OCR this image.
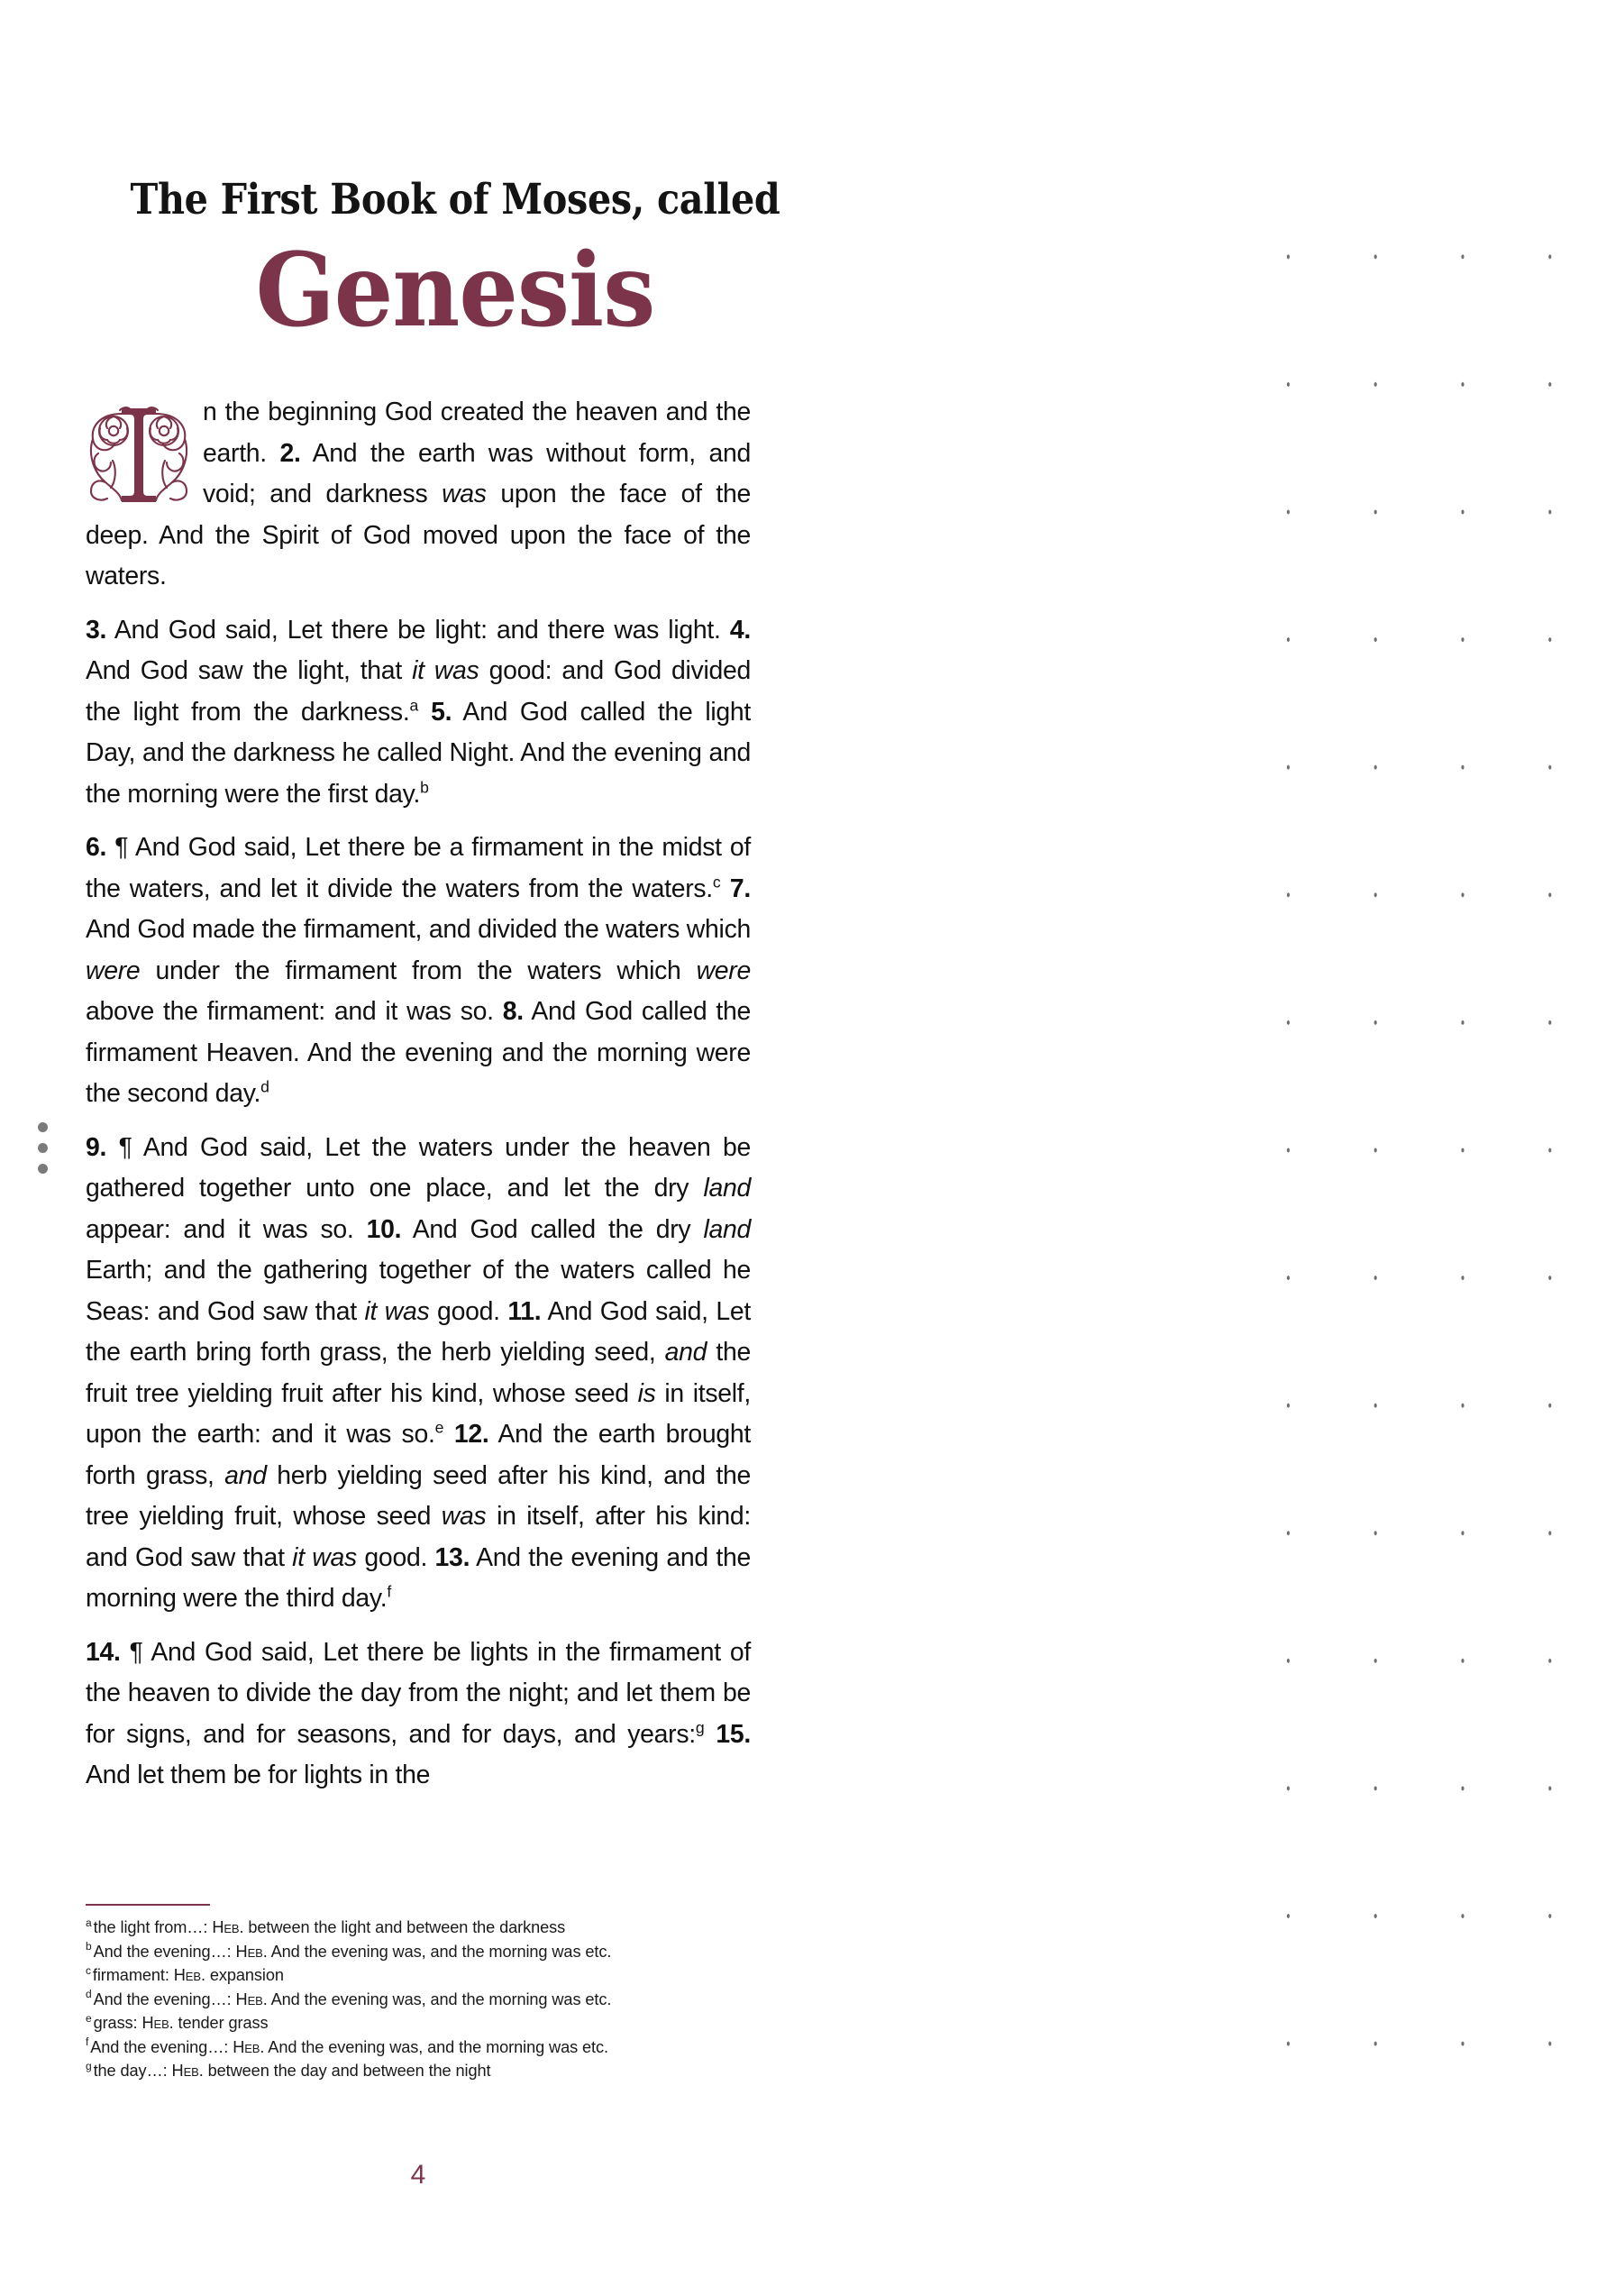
The First Book of Moses, called
Genesis

n the beginning God created the heaven and the earth. 2. And the earth was without form, and void; and darkness was upon the face of the deep. And the Spirit of God moved upon the face of the waters.

3. And God said, Let there be light: and there was light. 4. And God saw the light, that it was good: and God divided the light from the darkness.$^a$ 5. And God called the light Day, and the darkness he called Night. And the evening and the morning were the first day.$^b$

6. ¶ And God said, Let there be a firmament in the midst of the waters, and let it divide the waters from the waters.$^c$ 7. And God made the firmament, and divided the waters which were under the firmament from the waters which were above the firmament: and it was so. 8. And God called the firmament Heaven. And the evening and the morning were the second day.$^d$

9. ¶ And God said, Let the waters under the heaven be gathered together unto one place, and let the dry land appear: and it was so. 10. And God called the dry land Earth; and the gathering together of the waters called he Seas: and God saw that it was good. 11. And God said, Let the earth bring forth grass, the herb yielding seed, and the fruit tree yielding fruit after his kind, whose seed is in itself, upon the earth: and it was so.$^e$ 12. And the earth brought forth grass, and herb yielding seed after his kind, and the tree yielding fruit, whose seed was in itself, after his kind: and God saw that it was good. 13. And the evening and the morning were the third day.$^f$

14. ¶ And God said, Let there be lights in the firmament of the heaven to divide the day from the night; and let them be for signs, and for seasons, and for days, and years:$^g$ 15. And let them be for lights in the

$^a$ the light from…: Heb. between the light and between the darkness
$^b$ And the evening…: Heb. And the evening was, and the morning was etc.
$^c$ firmament: Heb. expansion
$^d$ And the evening…: Heb. And the evening was, and the morning was etc.
$^e$ grass: Heb. tender grass
$^f$ And the evening…: Heb. And the evening was, and the morning was etc.
$^g$ the day…: Heb. between the day and between the night
4
